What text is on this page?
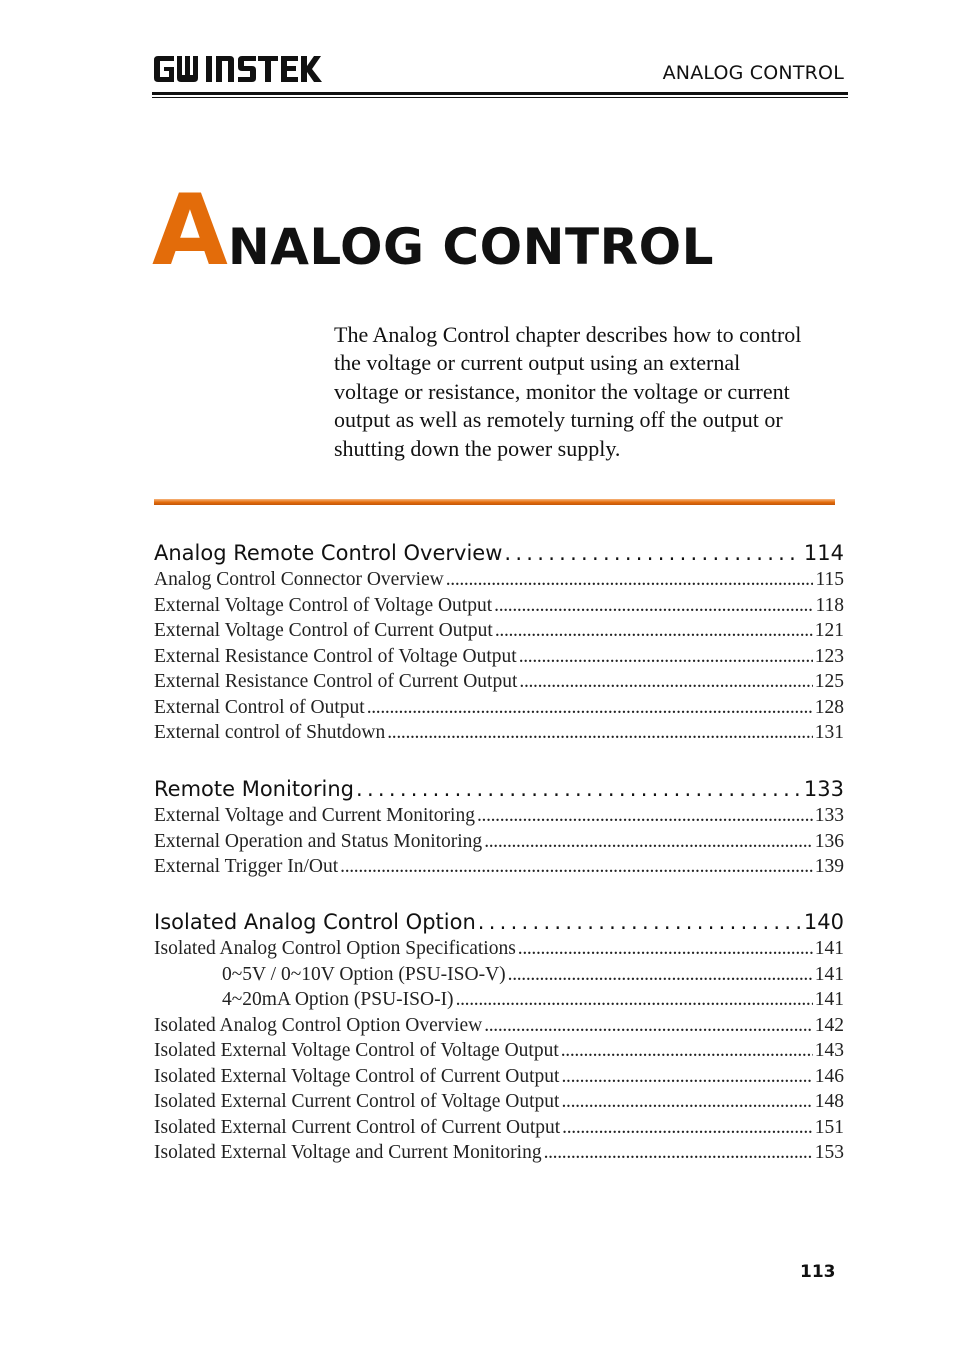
ANALOG CONTROL
ANALOG CONTROL
The Analog Control chapter describes how to control the voltage or current output using an external voltage or resistance, monitor the voltage or current output as well as remotely turning off the output or shutting down the power supply.
Analog Remote Control Overview . . .	114
Analog Control Connector Overview . . .	115
External Voltage Control of Voltage Output . . .	118
External Voltage Control of Current Output . . .	121
External Resistance Control of Voltage Output . . .	123
External Resistance Control of Current Output . . .	125
External Control of Output . . .	128
External control of Shutdown . . .	131
Remote Monitoring . . .	133
External Voltage and Current Monitoring . . .	133
External Operation and Status Monitoring . . .	136
External Trigger In/Out . . .	139
Isolated Analog Control Option . . .	140
Isolated Analog Control Option Specifications . . .	141
0~5V / 0~10V Option (PSU-ISO-V) . . .	141
4~20mA Option (PSU-ISO-I) . . .	141
Isolated Analog Control Option Overview . . .	142
Isolated External Voltage Control of Voltage Output . . .	143
Isolated External Voltage Control of Current Output . . .	146
Isolated External Current Control of Voltage Output . . .	148
Isolated External Current Control of Current Output . . .	151
Isolated External Voltage and Current Monitoring . . .	153
113
